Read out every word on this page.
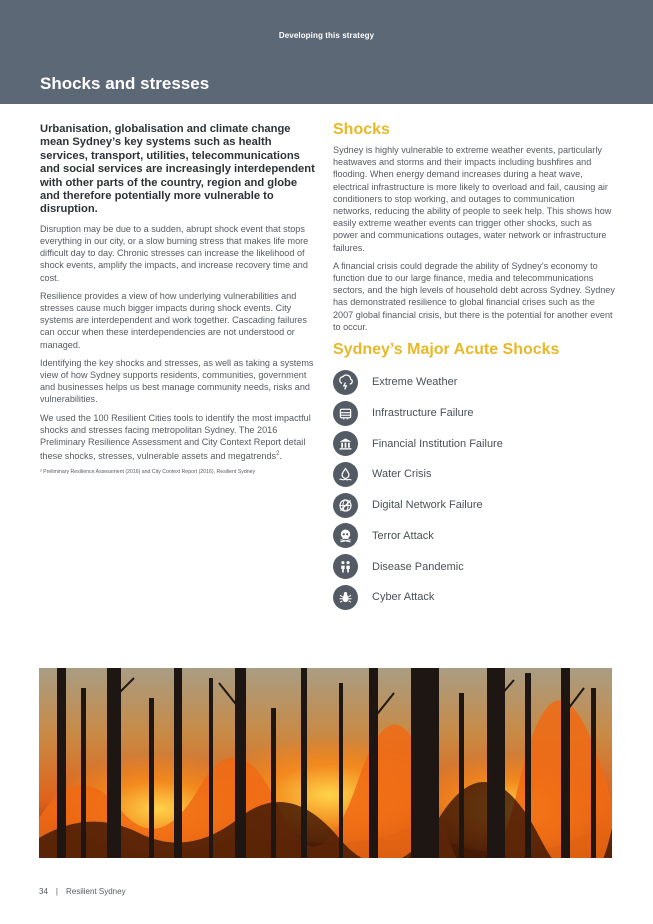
Developing this strategy
Shocks and stresses

Urbanisation, globalisation and climate change mean Sydney’s key systems such as health services, transport, utilities, telecommunications and social services are increasingly interdependent with other parts of the country, region and globe and therefore potentially more vulnerable to disruption.

Disruption may be due to a sudden, abrupt shock event that stops everything in our city, or a slow burning stress that makes life more difficult day to day. Chronic stresses can increase the likelihood of shock events, amplify the impacts, and increase recovery time and cost.

Resilience provides a view of how underlying vulnerabilities and stresses cause much bigger impacts during shock events. City systems are interdependent and work together. Cascading failures can occur when these interdependencies are not understood or managed.

Identifying the key shocks and stresses, as well as taking a systems view of how Sydney supports residents, communities, government and businesses helps us best manage community needs, risks and vulnerabilities.

We used the 100 Resilient Cities tools to identify the most impactful shocks and stresses facing metropolitan Sydney. The 2016 Preliminary Resilience Assessment and City Context Report detail these shocks, stresses, vulnerable assets and megatrends$^2$.

² Preliminary Resilience Assessment (2016) and City Context Report (2016), Resilient Sydney

Shocks

Sydney is highly vulnerable to extreme weather events, particularly heatwaves and storms and their impacts including bushfires and flooding. When energy demand increases during a heat wave, electrical infrastructure is more likely to overload and fail, causing air conditioners to stop working, and outages to communication networks, reducing the ability of people to seek help. This shows how easily extreme weather events can trigger other shocks, such as power and communications outages, water network or infrastructure failures.

A financial crisis could degrade the ability of Sydney’s economy to function due to our large finance, media and telecommunications sectors, and the high levels of household debt across Sydney. Sydney has demonstrated resilience to global financial crises such as the 2007 global financial crisis, but there is the potential for another event to occur.

Sydney’s Major Acute Shocks
Extreme Weather
Infrastructure Failure
Financial Institution Failure
Water Crisis
Digital Network Failure
Terror Attack
Disease Pandemic
Cyber Attack
34 | Resilient Sydney
